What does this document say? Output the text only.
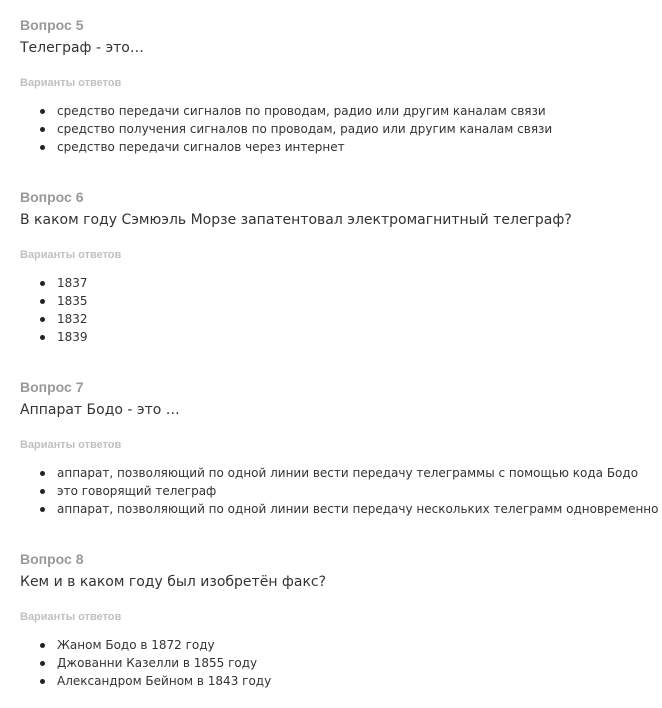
Вопрос 5
Телеграф - это…
Варианты ответов
средство передачи сигналов по проводам, радио или другим каналам связи
средство получения сигналов по проводам, радио или другим каналам связи
средство передачи сигналов через интернет
Вопрос 6
В каком году Сэмюэль Морзе запатентовал электромагнитный телеграф?
Варианты ответов
1837
1835
1832
1839
Вопрос 7
Аппарат Бодо - это …
Варианты ответов
аппарат, позволяющий по одной линии вести передачу телеграммы с помощью кода Бодо
это говорящий телеграф
аппарат, позволяющий по одной линии вести передачу нескольких телеграмм одновременно
Вопрос 8
Кем и в каком году был изобретён факс?
Варианты ответов
Жаном Бодо в 1872 году
Джованни Казелли в 1855 году
Александром Бейном в 1843 году
